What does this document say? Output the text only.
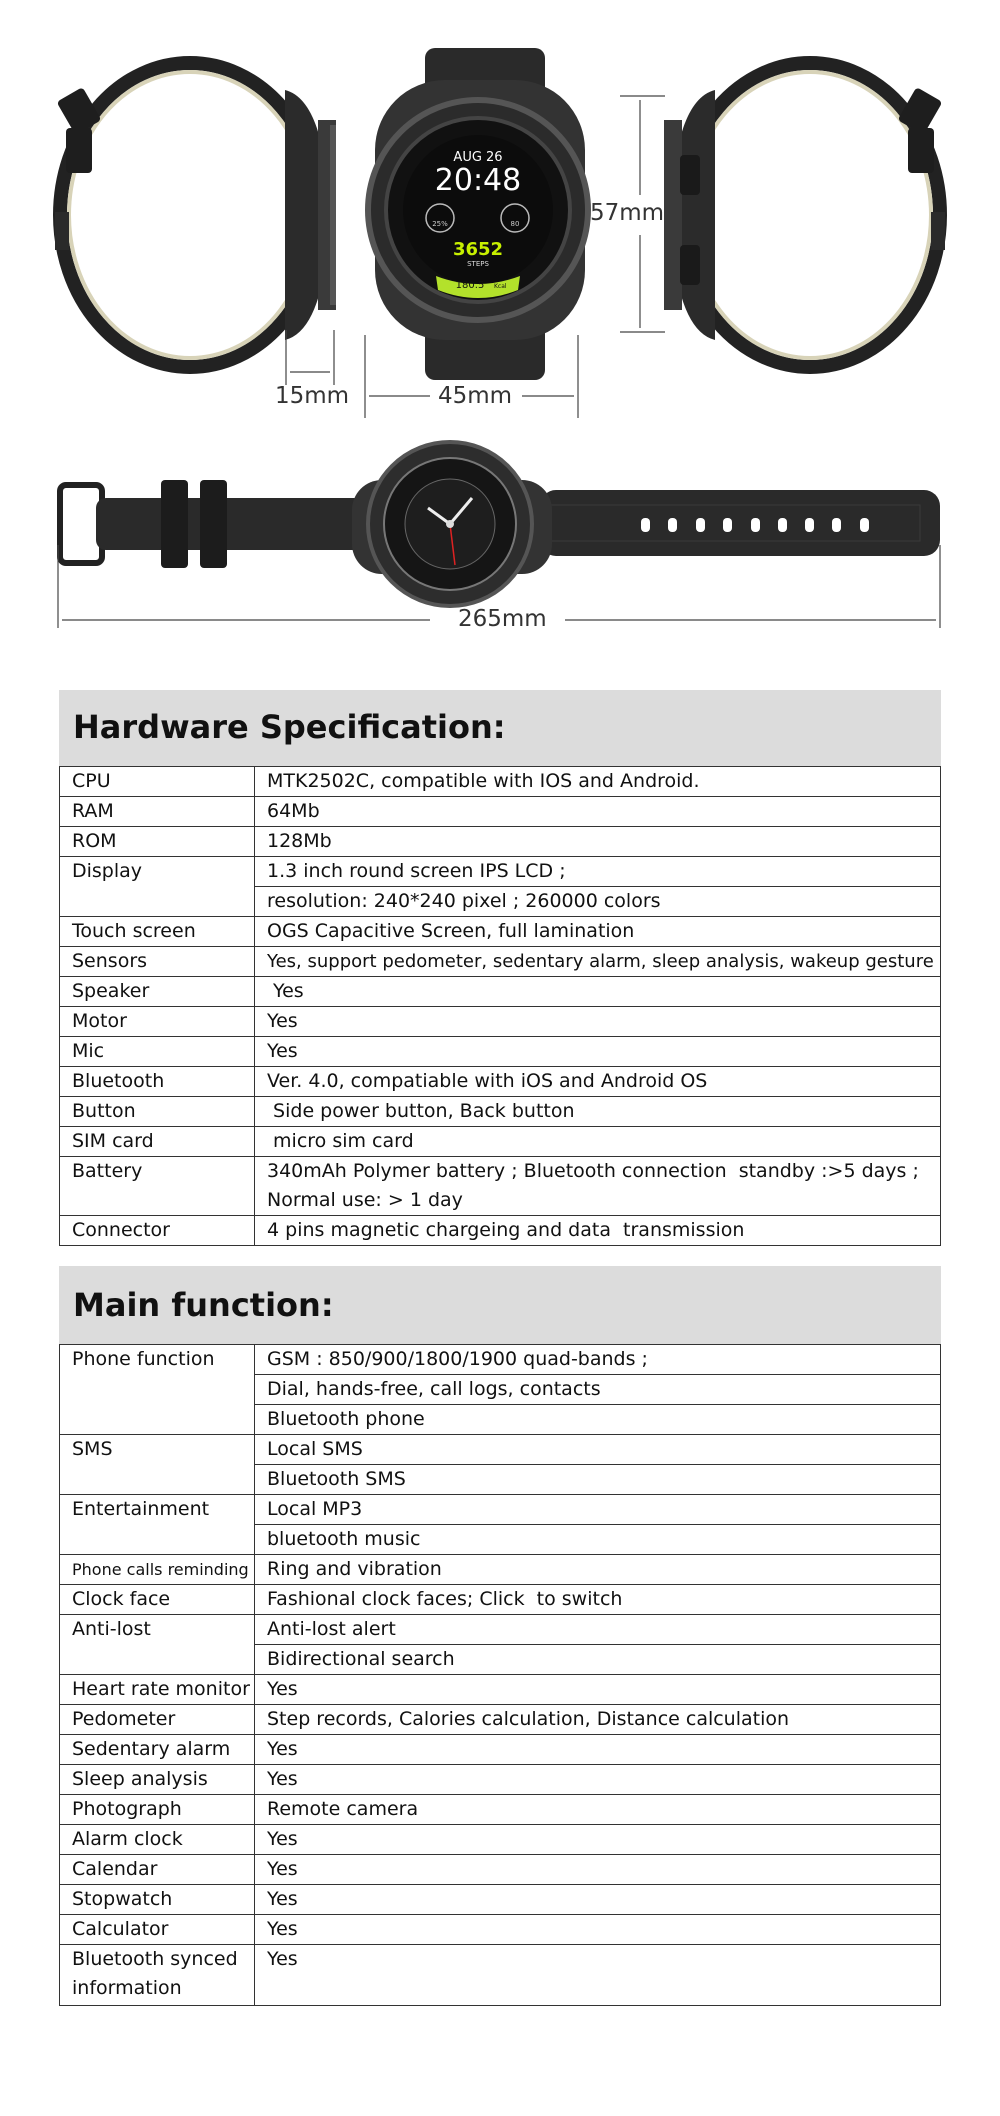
AUG 26
20:48
25%	80
3652
STEPS
180.5 Kcal
15mm	45mm
57mm
265mm
Hardware Specification:
CPU	MTK2502C, compatible with IOS and Android.
RAM	64Mb
ROM	128Mb
Display	1.3 inch round screen IPS LCD ;
	resolution: 240*240 pixel ; 260000 colors
Touch screen	OGS Capacitive Screen, full lamination
Sensors	Yes, support pedometer, sedentary alarm, sleep analysis, wakeup gesture
Speaker	Yes
Motor	Yes
Mic	Yes
Bluetooth	Ver. 4.0, compatiable with iOS and Android OS
Button	Side power button, Back button
SIM card	micro sim card
Battery	340mAh Polymer battery ; Bluetooth connection  standby :>5 days ;
	Normal use: > 1 day
Connector	4 pins magnetic chargeing and data  transmission
Main function:
Phone function	GSM : 850/900/1800/1900 quad-bands ;
	Dial, hands-free, call logs, contacts
	Bluetooth phone
SMS	Local SMS
	Bluetooth SMS
Entertainment	Local MP3
	bluetooth music
Phone calls reminding	Ring and vibration
Clock face	Fashional clock faces; Click  to switch
Anti-lost	Anti-lost alert
	Bidirectional search
Heart rate monitor	Yes
Pedometer	Step records, Calories calculation, Distance calculation
Sedentary alarm	Yes
Sleep analysis	Yes
Photograph	Remote camera
Alarm clock	Yes
Calendar	Yes
Stopwatch	Yes
Calculator	Yes
Bluetooth synced information	Yes
